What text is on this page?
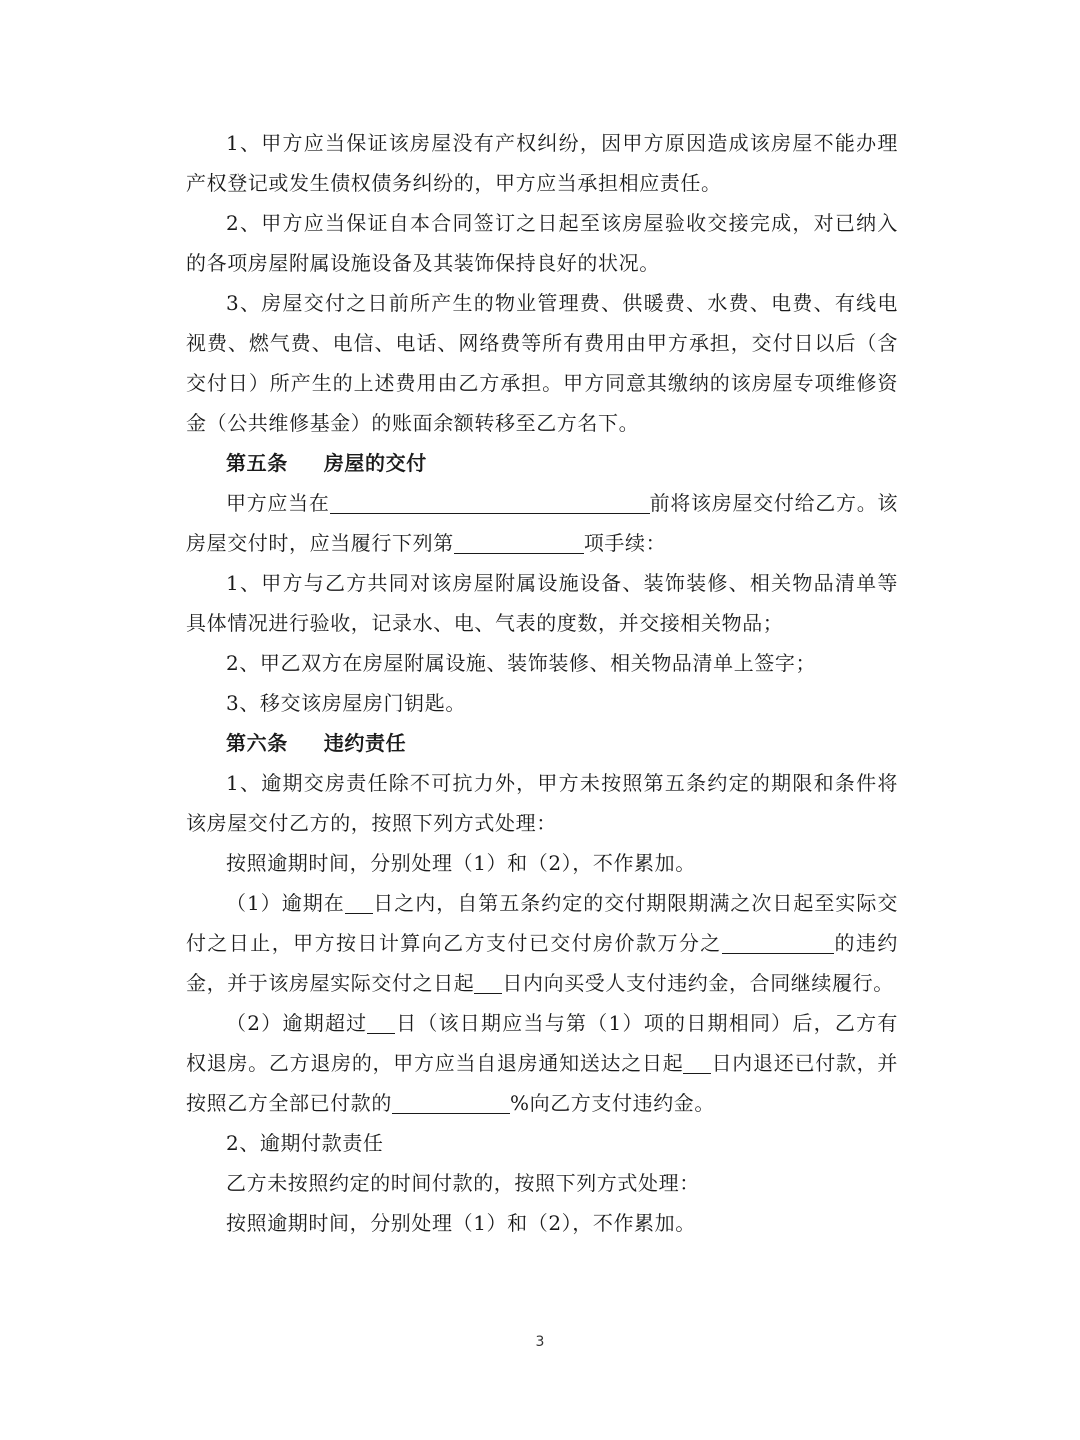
1、甲方应当保证该房屋没有产权纠纷，因甲方原因造成该房屋不能办理产权登记或发生债权债务纠纷的，甲方应当承担相应责任。

2、甲方应当保证自本合同签订之日起至该房屋验收交接完成，对已纳入的各项房屋附属设施设备及其装饰保持良好的状况。

3、房屋交付之日前所产生的物业管理费、供暖费、水费、电费、有线电视费、燃气费、电信、电话、网络费等所有费用由甲方承担，交付日以后（含交付日）所产生的上述费用由乙方承担。甲方同意其缴纳的该房屋专项维修资金（公共维修基金）的账面余额转移至乙方名下。

第五条 房屋的交付

甲方应当在	前将该房屋交付给乙方。该房屋交付时，应当履行下列第	项手续：

1、甲方与乙方共同对该房屋附属设施设备、装饰装修、相关物品清单等具体情况进行验收，记录水、电、气表的度数，并交接相关物品；

2、甲乙双方在房屋附属设施、装饰装修、相关物品清单上签字；

3、移交该房屋房门钥匙。

第六条 违约责任

1、逾期交房责任除不可抗力外，甲方未按照第五条约定的期限和条件将该房屋交付乙方的，按照下列方式处理：

按照逾期时间，分别处理（1）和（2），不作累加。

（1）逾期在 日之内，自第五条约定的交付期限期满之次日起至实际交付之日止，甲方按日计算向乙方支付已交付房价款万分之	的违约金，并于该房屋实际交付之日起 日内向买受人支付违约金，合同继续履行。

（2）逾期超过 日（该日期应当与第（1）项的日期相同）后，乙方有权退房。乙方退房的，甲方应当自退房通知送达之日起 日内退还已付款，并按照乙方全部已付款的	%向乙方支付违约金。

2、逾期付款责任

乙方未按照约定的时间付款的，按照下列方式处理：

按照逾期时间，分别处理（1）和（2），不作累加。

3
